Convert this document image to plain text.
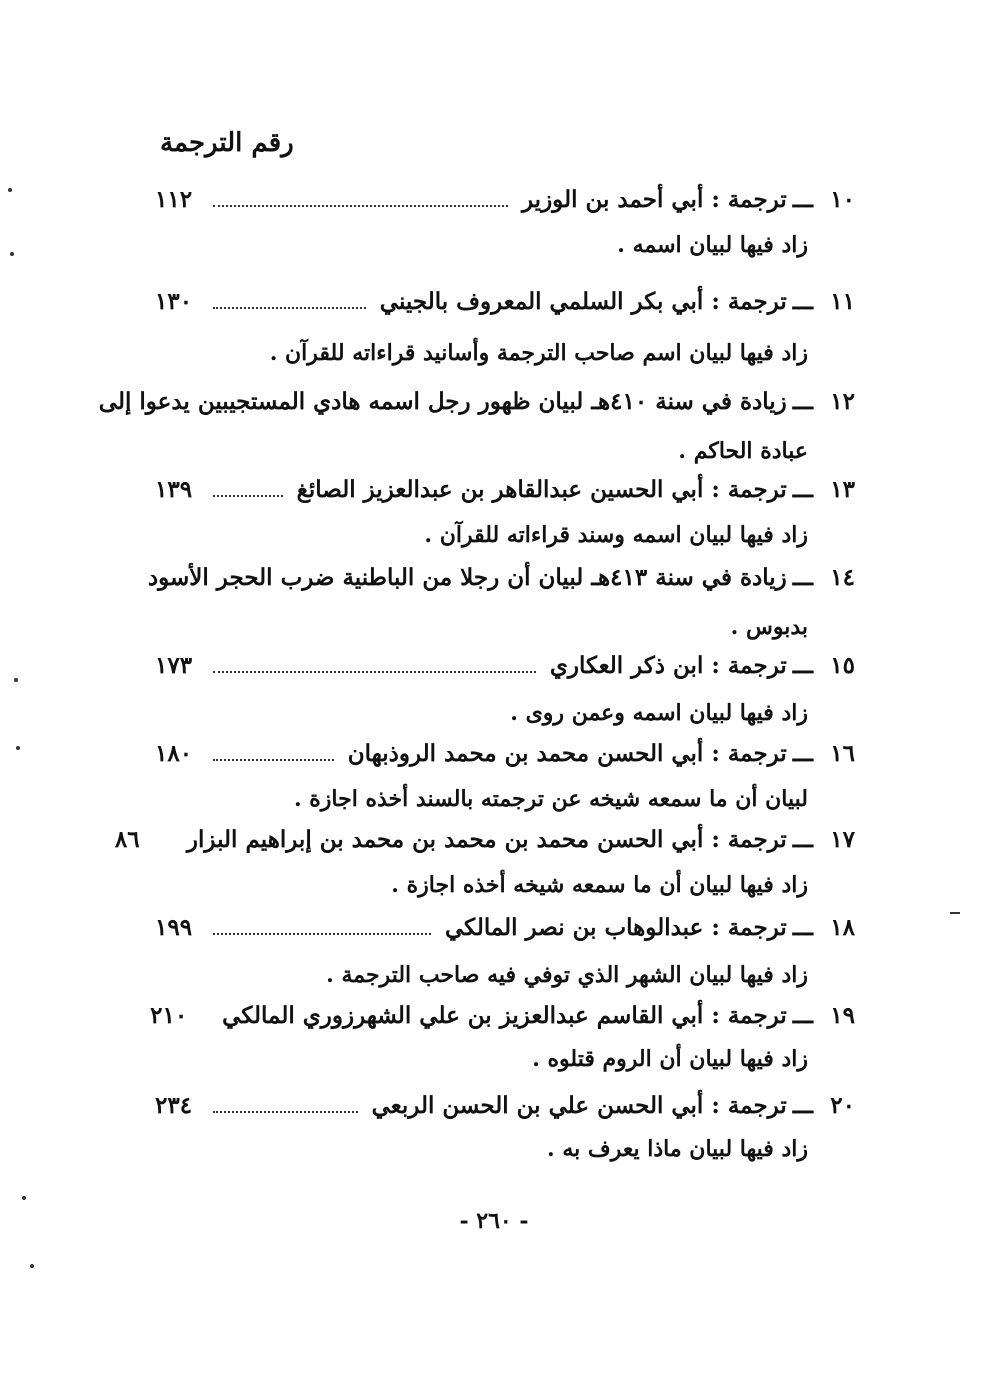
رقم الترجمة
١٠
ـــ
ترجمة : أبي أحمد بن الوزير
١١٢
زاد فيها لبيان اسمه .
١١
ـــ
ترجمة : أبي بكر السلمي المعروف بالجيني
١٣٠
زاد فيها لبيان اسم صاحب الترجمة وأسانيد قراءاته للقرآن .
١٢
ـــ
زيادة في سنة ٤١٠هـ لبيان ظهور رجل اسمه هادي المستجيبين يدعوا إلى
عبادة الحاكم .
١٣
ـــ
ترجمة : أبي الحسين عبدالقاهر بن عبدالعزيز الصائغ
١٣٩
زاد فيها لبيان اسمه وسند قراءاته للقرآن .
١٤
ـــ
زيادة في سنة ٤١٣هـ لبيان أن رجلا من الباطنية ضرب الحجر الأسود
بدبوس .
١٥
ـــ
ترجمة : ابن ذكر العكاري
١٧٣
زاد فيها لبيان اسمه وعمن روى .
١٦
ـــ
ترجمة : أبي الحسن محمد بن محمد الروذبهان
١٨٠
لبيان أن ما سمعه شيخه عن ترجمته بالسند أخذه اجازة .
١٧
ـــ
ترجمة : أبي الحسن محمد بن محمد بن محمد بن إبراهيم البزار
٨٦
زاد فيها لبيان أن ما سمعه شيخه أخذه اجازة .
١٨
ـــ
ترجمة : عبدالوهاب بن نصر المالكي
١٩٩
زاد فيها لبيان الشهر الذي توفي فيه صاحب الترجمة .
١٩
ـــ
ترجمة : أبي القاسم عبدالعزيز بن علي الشهرزوري المالكي
٢١٠
زاد فيها لبيان أن الروم قتلوه .
٢٠
ـــ
ترجمة : أبي الحسن علي بن الحسن الربعي
٢٣٤
زاد فيها لبيان ماذا يعرف به .
- ٢٦٠ -
